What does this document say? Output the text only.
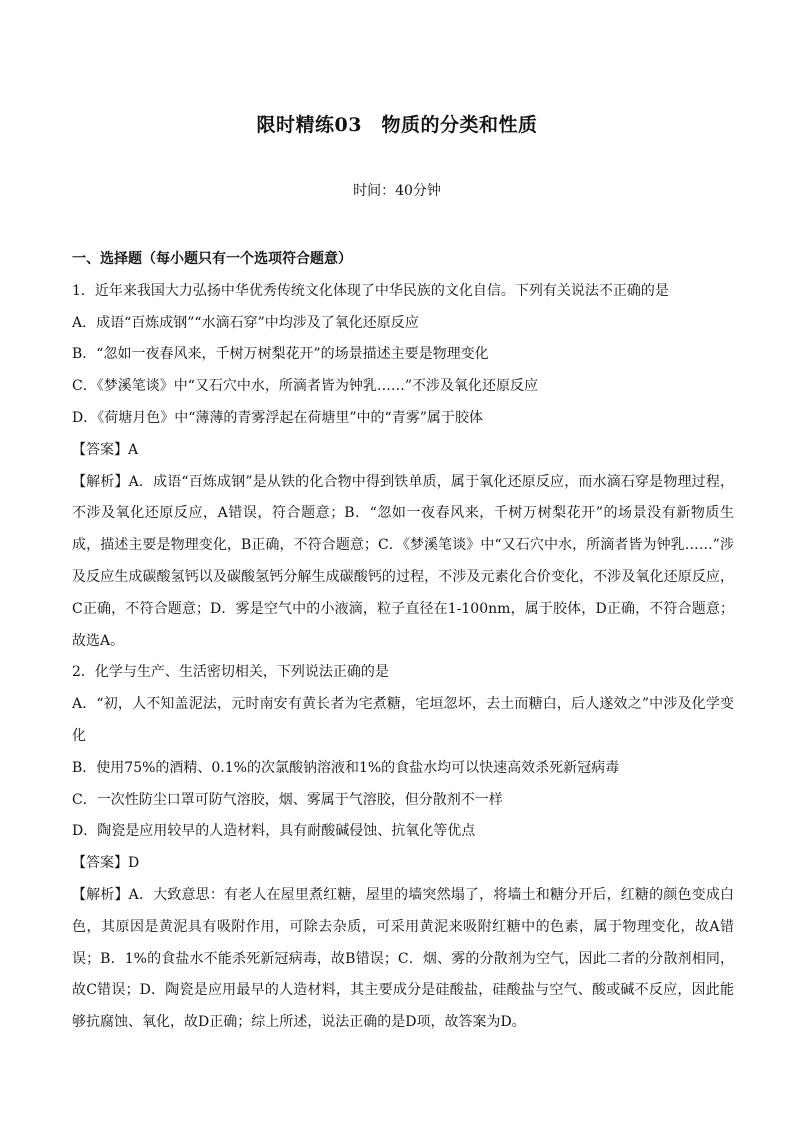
限时精练03　物质的分类和性质

时间：40分钟

一、选择题（每小题只有一个选项符合题意）

1．近年来我国大力弘扬中华优秀传统文化体现了中华民族的文化自信。下列有关说法不正确的是

A．成语“百炼成钢”“水滴石穿”中均涉及了氧化还原反应

B．“忽如一夜春风来，千树万树梨花开”的场景描述主要是物理变化

C．《梦溪笔谈》中“又石穴中水，所滴者皆为钟乳……”不涉及氧化还原反应

D．《荷塘月色》中“薄薄的青雾浮起在荷塘里”中的“青雾”属于胶体

【答案】A

【解析】A．成语“百炼成钢”是从铁的化合物中得到铁单质，属于氧化还原反应，而水滴石穿是物理过程，不涉及氧化还原反应，A错误，符合题意；B．“忽如一夜春风来，千树万树梨花开”的场景没有新物质生成，描述主要是物理变化，B正确，不符合题意；C．《梦溪笔谈》中“又石穴中水，所滴者皆为钟乳……”涉及反应生成碳酸氢钙以及碳酸氢钙分解生成碳酸钙的过程，不涉及元素化合价变化，不涉及氧化还原反应，C正确，不符合题意；D．雾是空气中的小液滴，粒子直径在1-100nm，属于胶体，D正确，不符合题意；故选A。

2．化学与生产、生活密切相关，下列说法正确的是

A．“初，人不知盖泥法，元时南安有黄长者为宅煮糖，宅垣忽坏，去土而糖白，后人遂效之”中涉及化学变化

B．使用75%的酒精、0.1%的次氯酸钠溶液和1%的食盐水均可以快速高效杀死新冠病毒

C．一次性防尘口罩可防气溶胶，烟、雾属于气溶胶，但分散剂不一样

D．陶瓷是应用较早的人造材料，具有耐酸碱侵蚀、抗氧化等优点

【答案】D

【解析】A．大致意思：有老人在屋里煮红糖，屋里的墙突然塌了，将墙土和糖分开后，红糖的颜色变成白色，其原因是黄泥具有吸附作用，可除去杂质，可采用黄泥来吸附红糖中的色素，属于物理变化，故A错误；B．1%的食盐水不能杀死新冠病毒，故B错误；C．烟、雾的分散剂为空气，因此二者的分散剂相同，故C错误；D．陶瓷是应用最早的人造材料，其主要成分是硅酸盐，硅酸盐与空气、酸或碱不反应，因此能够抗腐蚀、氧化，故D正确；综上所述，说法正确的是D项，故答案为D。
